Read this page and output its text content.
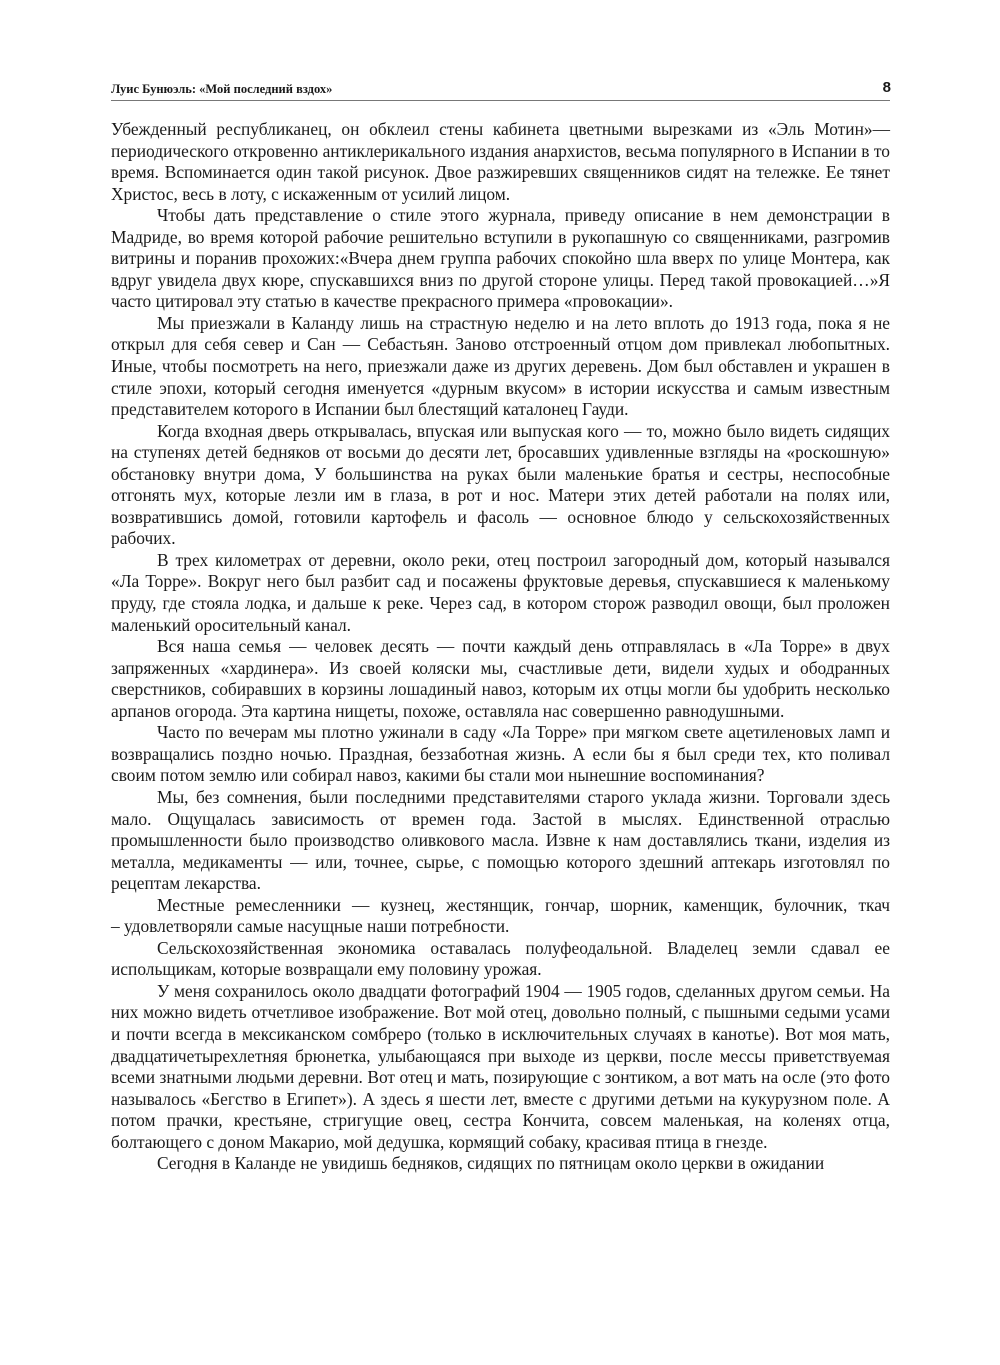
Луис Бунюэль: «Мой последний вздох»	8

Убежденный республиканец, он обклеил стены кабинета цветными вырезками из «Эль Мотин»— периодического откровенно антиклерикального издания анархистов, весьма популярного в Испании в то время. Вспоминается один такой рисунок. Двое разжиревших священников сидят на тележке. Ее тянет Христос, весь в лоту, с искаженным от усилий лицом.

Чтобы дать представление о стиле этого журнала, приведу описание в нем демонстрации в Мадриде, во время которой рабочие решительно вступили в рукопашную со священниками, разгромив витрины и поранив прохожих:«Вчера днем группа рабочих спокойно шла вверх по улице Монтера, как вдруг увидела двух кюре, спускавшихся вниз по другой стороне улицы. Перед такой провокацией…»Я часто цитировал эту статью в качестве прекрасного примера «провокации».

Мы приезжали в Каланду лишь на страстную неделю и на лето вплоть до 1913 года, пока я не открыл для себя север и Сан — Себастьян. Заново отстроенный отцом дом привлекал любопытных. Иные, чтобы посмотреть на него, приезжали даже из других деревень. Дом был обставлен и украшен в стиле эпохи, который сегодня именуется «дурным вкусом» в истории искусства и самым известным представителем которого в Испании был блестящий каталонец Гауди.

Когда входная дверь открывалась, впуская или выпуская кого — то, можно было видеть сидящих на ступенях детей бедняков от восьми до десяти лет, бросавших удивленные взгляды на «роскошную» обстановку внутри дома, У большинства на руках были маленькие братья и сестры, неспособные отгонять мух, которые лезли им в глаза, в рот и нос. Матери этих детей работали на полях или, возвратившись домой, готовили картофель и фасоль — основное блюдо у сельскохозяйственных рабочих.

В трех километрах от деревни, около реки, отец построил загородный дом, который назывался «Ла Торре». Вокруг него был разбит сад и посажены фруктовые деревья, спускавшиеся к маленькому пруду, где стояла лодка, и дальше к реке. Через сад, в котором сторож разводил овощи, был проложен маленький оросительный канал.

Вся наша семья — человек десять — почти каждый день отправлялась в «Ла Торре» в двух запряженных «хардинера». Из своей коляски мы, счастливые дети, видели худых и ободранных сверстников, собиравших в корзины лошадиный навоз, которым их отцы могли бы удобрить несколько арпанов огорода. Эта картина нищеты, похоже, оставляла нас совершенно равнодушными.

Часто по вечерам мы плотно ужинали в саду «Ла Торре» при мягком свете ацетиленовых ламп и возвращались поздно ночью. Праздная, беззаботная жизнь. А если бы я был среди тех, кто поливал своим потом землю или собирал навоз, какими бы стали мои нынешние воспоминания?

Мы, без сомнения, были последними представителями старого уклада жизни. Торговали здесь мало. Ощущалась зависимость от времен года. Застой в мыслях. Единственной отраслью промышленности было производство оливкового масла. Извне к нам доставлялись ткани, изделия из металла, медикаменты — или, точнее, сырье, с помощью которого здешний аптекарь изготовлял по рецептам лекарства.

Местные ремесленники — кузнец, жестянщик, гончар, шорник, каменщик, булочник, ткач

– удовлетворяли самые насущные наши потребности.

Сельскохозяйственная экономика оставалась полуфеодальной. Владелец земли сдавал ее испольщикам, которые возвращали ему половину урожая.

У меня сохранилось около двадцати фотографий 1904 — 1905 годов, сделанных другом семьи. На них можно видеть отчетливое изображение. Вот мой отец, довольно полный, с пышными седыми усами и почти всегда в мексиканском сомбреро (только в исключительных случаях в канотье). Вот моя мать, двадцатичетырехлетняя брюнетка, улыбающаяся при выходе из церкви, после мессы приветствуемая всеми знатными людьми деревни. Вот отец и мать, позирующие с зонтиком, а вот мать на осле (это фото называлось «Бегство в Египет»). А здесь я шести лет, вместе с другими детьми на кукурузном поле. А потом прачки, крестьяне, стригущие овец, сестра Кончита, совсем маленькая, на коленях отца, болтающего с доном Макарио, мой дедушка, кормящий собаку, красивая птица в гнезде.

Сегодня в Каланде не увидишь бедняков, сидящих по пятницам около церкви в ожидании
